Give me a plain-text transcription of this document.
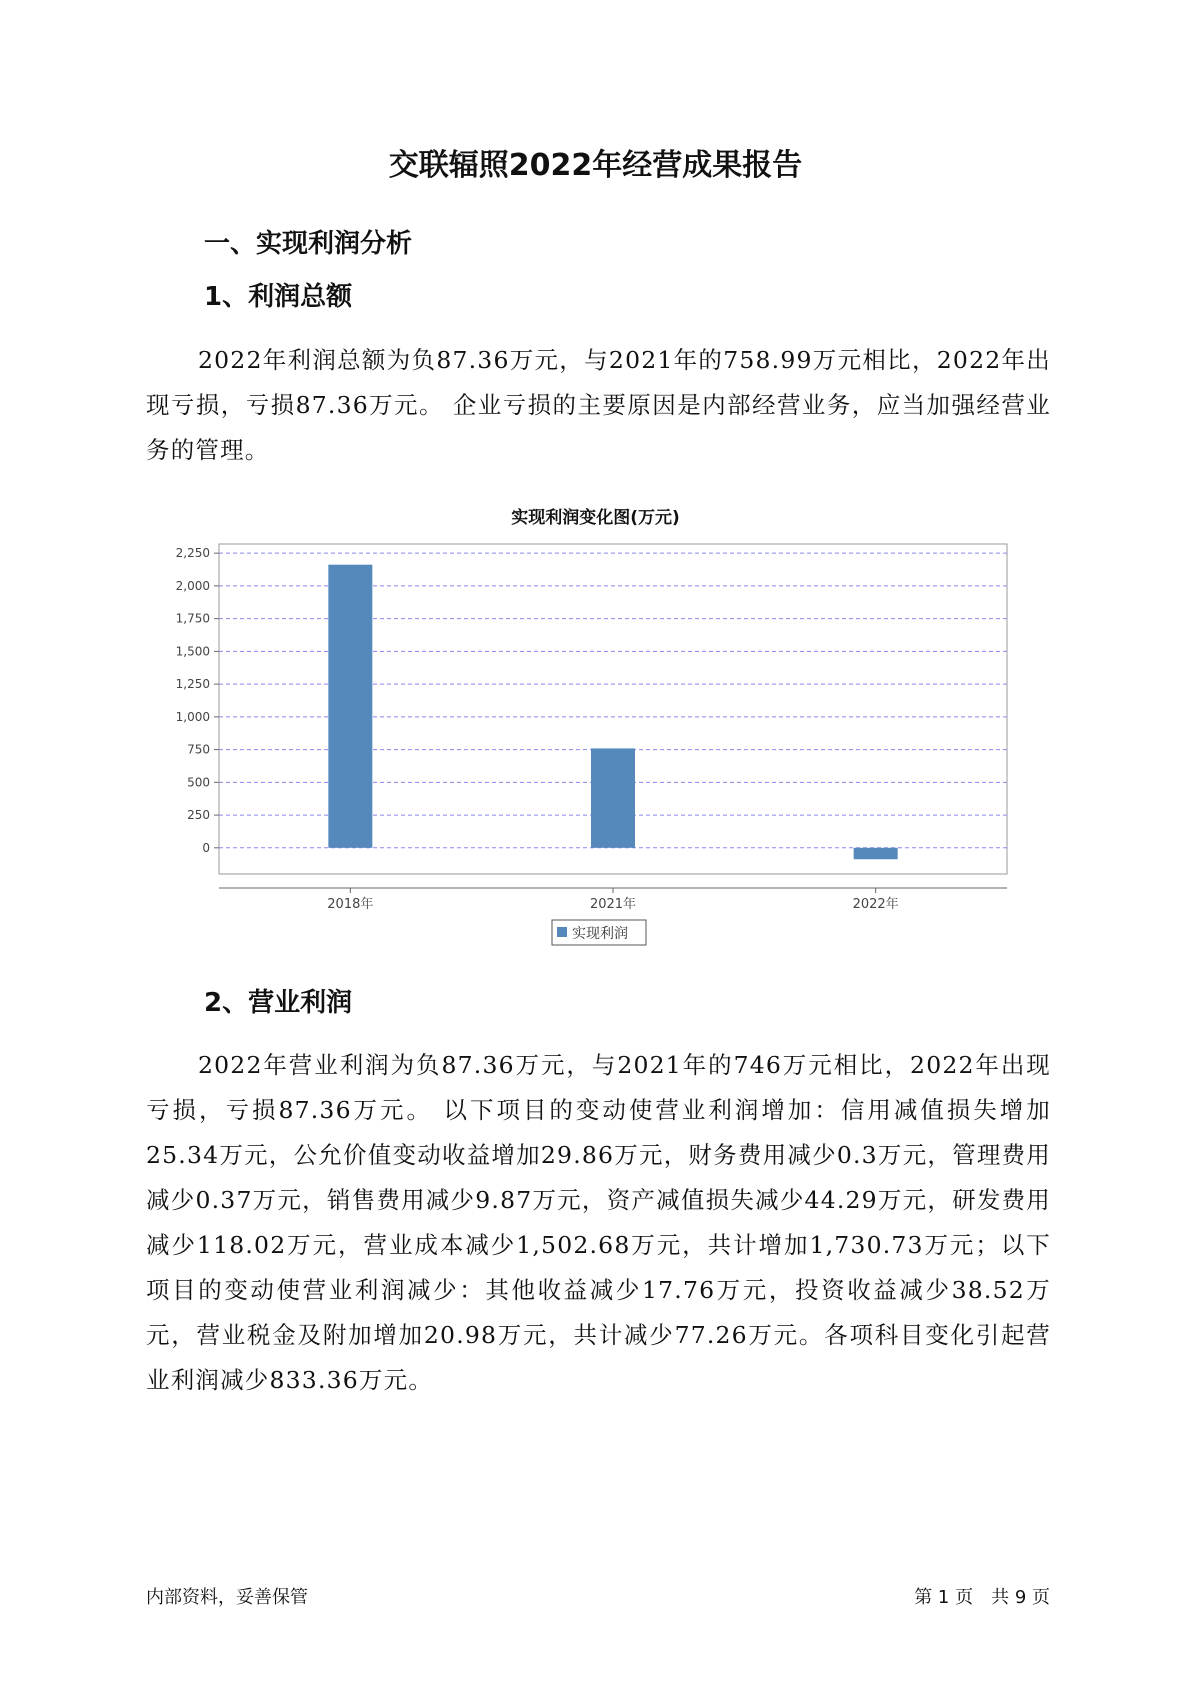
交联辐照2022年经营成果报告
一、实现利润分析
1、利润总额

2022年利润总额为负87.36万元，与2021年的758.99万元相比，2022年出现亏损，亏损87.36万元。 企业亏损的主要原因是内部经营业务，应当加强经营业务的管理。

实现利润变化图(万元)
0
250
500
750
1,000
1,250
1,500
1,750
2,000
2,250
2018年	2021年	2022年
实现利润
2、营业利润

2022年营业利润为负87.36万元，与2021年的746万元相比，2022年出现亏损，亏损87.36万元。 以下项目的变动使营业利润增加：信用减值损失增加25.34万元，公允价值变动收益增加29.86万元，财务费用减少0.3万元，管理费用减少0.37万元，销售费用减少9.87万元，资产减值损失减少44.29万元，研发费用减少118.02万元，营业成本减少1,502.68万元，共计增加1,730.73万元；以下项目的变动使营业利润减少：其他收益减少17.76万元，投资收益减少38.52万元，营业税金及附加增加20.98万元，共计减少77.26万元。各项科目变化引起营业利润减少833.36万元。

内部资料，妥善保管	第 1 页　共 9 页
